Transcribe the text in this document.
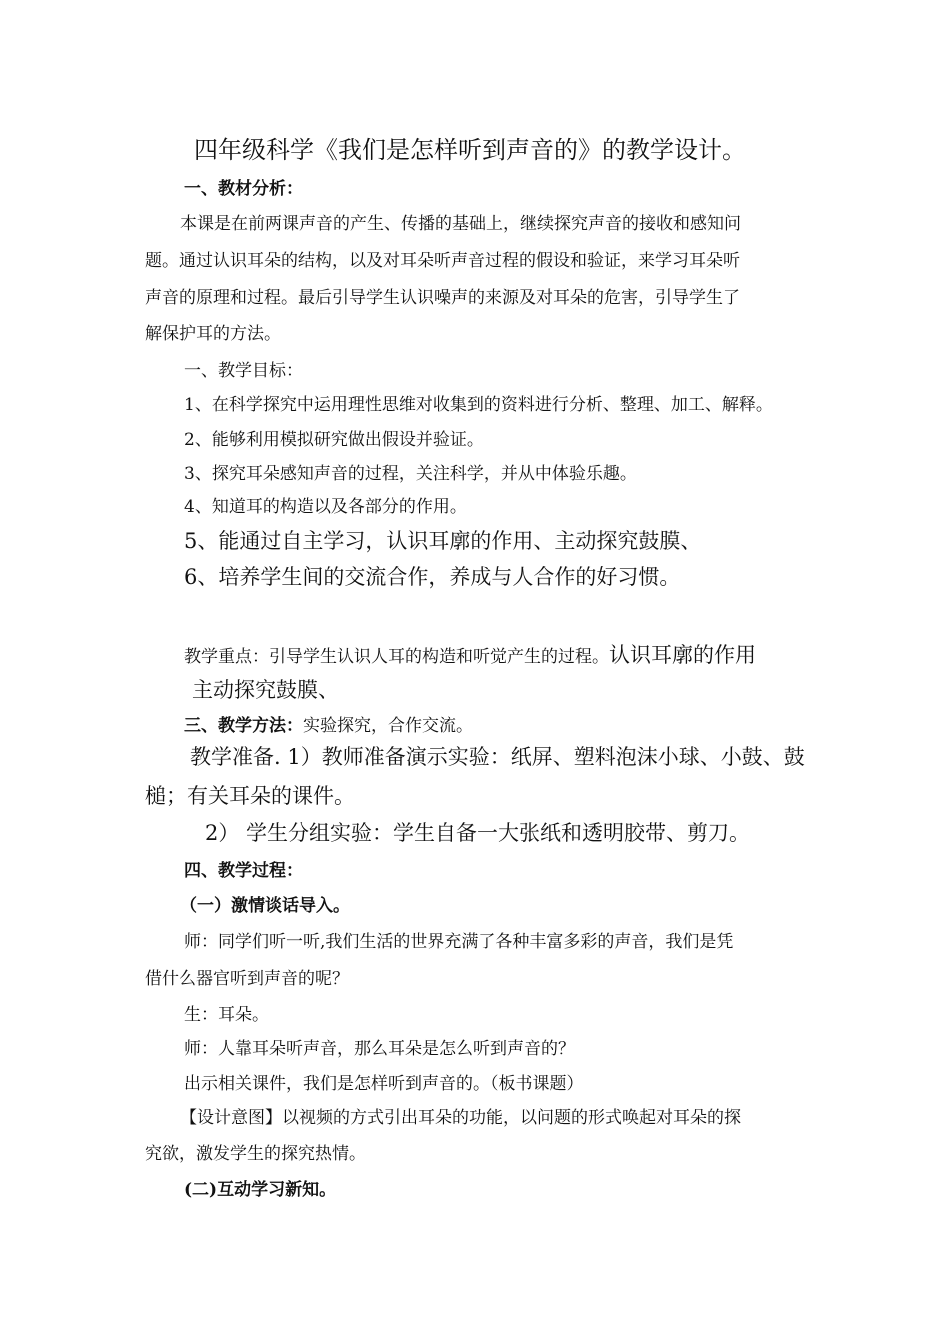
四年级科学《我们是怎样听到声音的》的教学设计。
一、教材分析：
本课是在前两课声音的产生、传播的基础上，继续探究声音的接收和感知问
题。通过认识耳朵的结构，以及对耳朵听声音过程的假设和验证，来学习耳朵听
声音的原理和过程。最后引导学生认识噪声的来源及对耳朵的危害，引导学生了
解保护耳的方法。
一、教学目标：
1、在科学探究中运用理性思维对收集到的资料进行分析、整理、加工、解释。
2、能够利用模拟研究做出假设并验证。
3、探究耳朵感知声音的过程，关注科学，并从中体验乐趣。
4、知道耳的构造以及各部分的作用。
5、能通过自主学习，认识耳廓的作用、主动探究鼓膜、
6、培养学生间的交流合作，养成与人合作的好习惯。
教学重点：引导学生认识人耳的构造和听觉产生的过程。认识耳廓的作用
主动探究鼓膜、
三、教学方法：实验探究，合作交流。
教学准备. 1）教师准备演示实验：纸屏、塑料泡沫小球、小鼓、鼓
槌；有关耳朵的课件。
2） 学生分组实验：学生自备一大张纸和透明胶带、剪刀。
四、教学过程：
（一）激情谈话导入。
师：同学们听一听,我们生活的世界充满了各种丰富多彩的声音，我们是凭
借什么器官听到声音的呢？
生：耳朵。
师：人靠耳朵听声音，那么耳朵是怎么听到声音的？
出示相关课件，我们是怎样听到声音的。（板书课题）
【设计意图】以视频的方式引出耳朵的功能，以问题的形式唤起对耳朵的探
究欲，激发学生的探究热情。
(二)互动学习新知。
